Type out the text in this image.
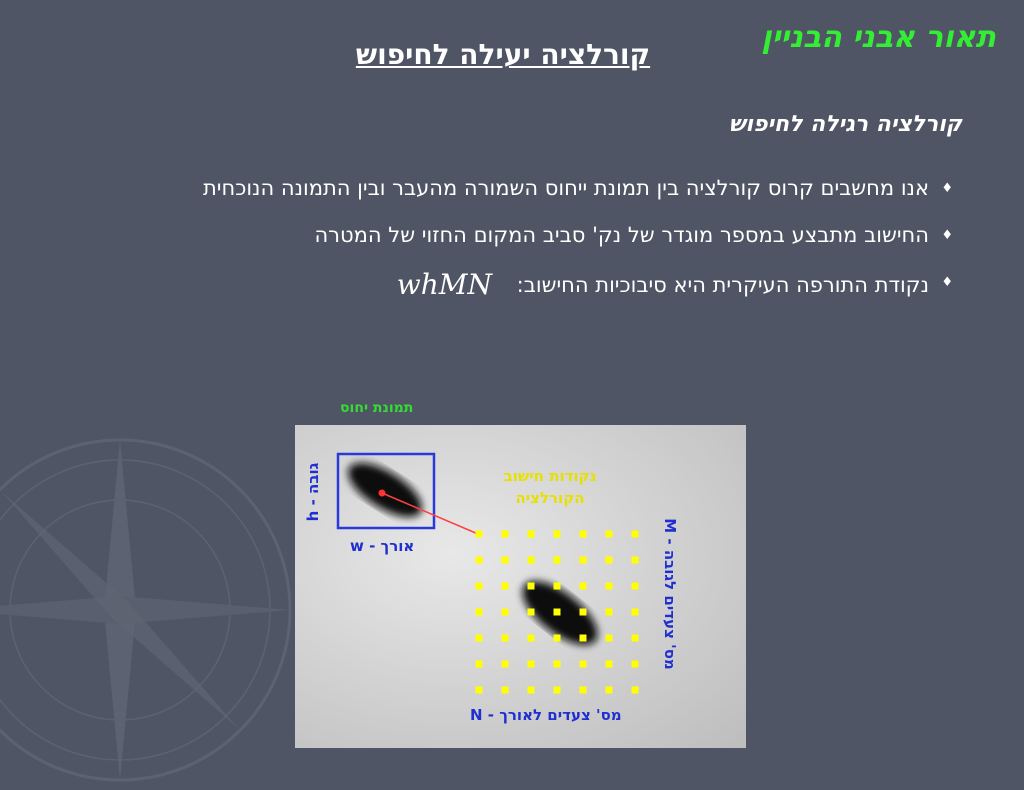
תאור אבני הבניין
קורלציה יעילה לחיפוש
קורלציה רגילה לחיפוש
♦
אנו מחשבים קרוס קורלציה בין תמונת ייחוס השמורה מהעבר ובין התמונה הנוכחית
♦
החישוב מתבצע במספר מוגדר של נק' סביב המקום החזוי של המטרה
♦
נקודת התורפה העיקרית היא סיבוכיות החישוב: whMN
תמונת יחוס
נקודות חישוב
הקורלציה
גובה - h
אורך - w
מס' צעדים לגובה - M
מס' צעדים לאורך - N
